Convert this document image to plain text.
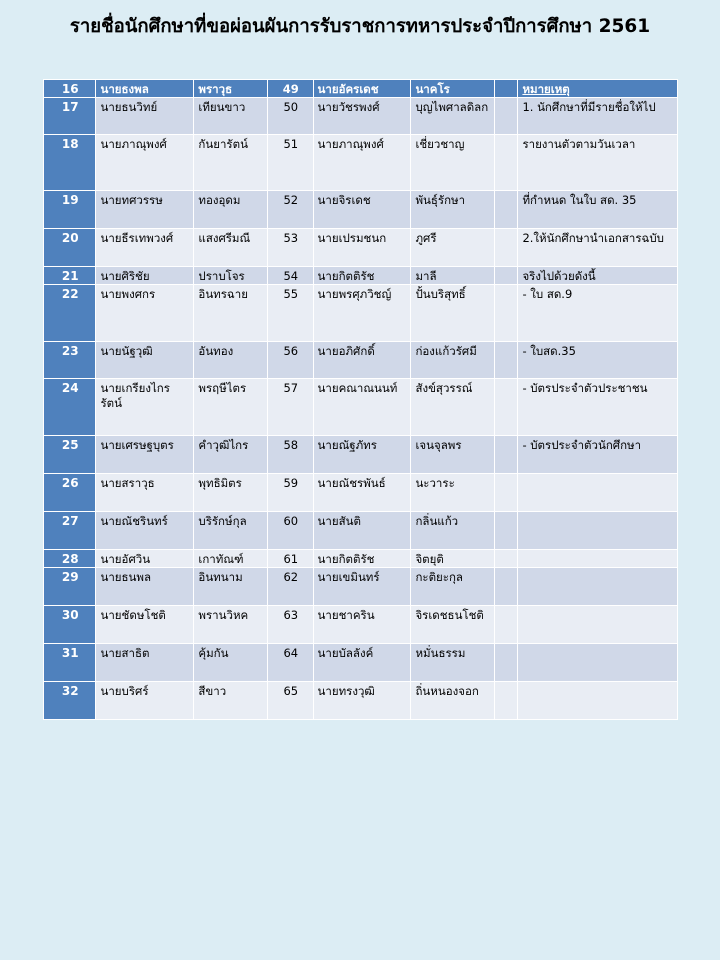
รายชื่อนักศึกษาที่ขอผ่อนผันการรับราชการทหารประจำปีการศึกษา 2561
16	นายธงพล	พราวุธ	49	นายอัครเดช	นาคโร		หมายเหตุ
17	นายธนวิทย์	เทียนขาว	50	นายวัชรพงศ์	บุญไพศาลดิลก		1. นักศึกษาที่มีรายชื่อให้ไป
18	นายภาณุพงศ์	กันยารัตน์	51	นายภาณุพงศ์	เชี่ยวชาญ		รายงานตัวตามวันเวลา
19	นายทศวรรษ	ทองอุดม	52	นายจิรเดช	พันธุ์รักษา		ที่กำหนด ในใบ สด. 35
20	นายธีรเทพวงศ์	แสงศรีมณี	53	นายเปรมชนก	ภูศรี		2.ให้นักศึกษานำเอกสารฉบับ
21	นายศิริชัย	ปราบโจร	54	นายกิตติรัช	มาลี		จริงไปด้วยดังนี้
22	นายพงศกร	อินทรฉาย	55	นายพรศุภวิชญ์	ปั้นบริสุทธิ์		- ใบ สด.9
23	นายนัฐวุฒิ	อันทอง	56	นายอภิศักดิ์	ก่องแก้วรัศมี		- ใบสด.35
24	นายเกรียงไกรรัตน์	พรฤษีไตร	57	นายคณาณนนท์	สังข์สุวรรณ์		- บัตรประจำตัวประชาชน
25	นายเศรษฐบุตร	คำวุฒิไกร	58	นายณัฐภัทร	เจนจุลพร		- บัตรประจำตัวนักศึกษา
26	นายสราวุธ	พุทธิมิตร	59	นายณัชรพันธ์	นะวาระ		
27	นายณัชรินทร์	บริรักษ์กุล	60	นายสันติ	กลิ่นแก้ว		
28	นายอัศวิน	เกาทัณฑ์	61	นายกิตติรัช	จิตยุติ		
29	นายธนพล	อินทนาม	62	นายเขมินทร์	กะติยะกุล		
30	นายชัดษโชติ	พรานวิหค	63	นายชาคริน	จิรเดชธนโชติ		
31	นายสาธิต	คุ้มกัน	64	นายบัลลังค์	หมั่นธรรม		
32	นายบริศร์	สีขาว	65	นายทรงวุฒิ	ถิ่นหนองจอก		
